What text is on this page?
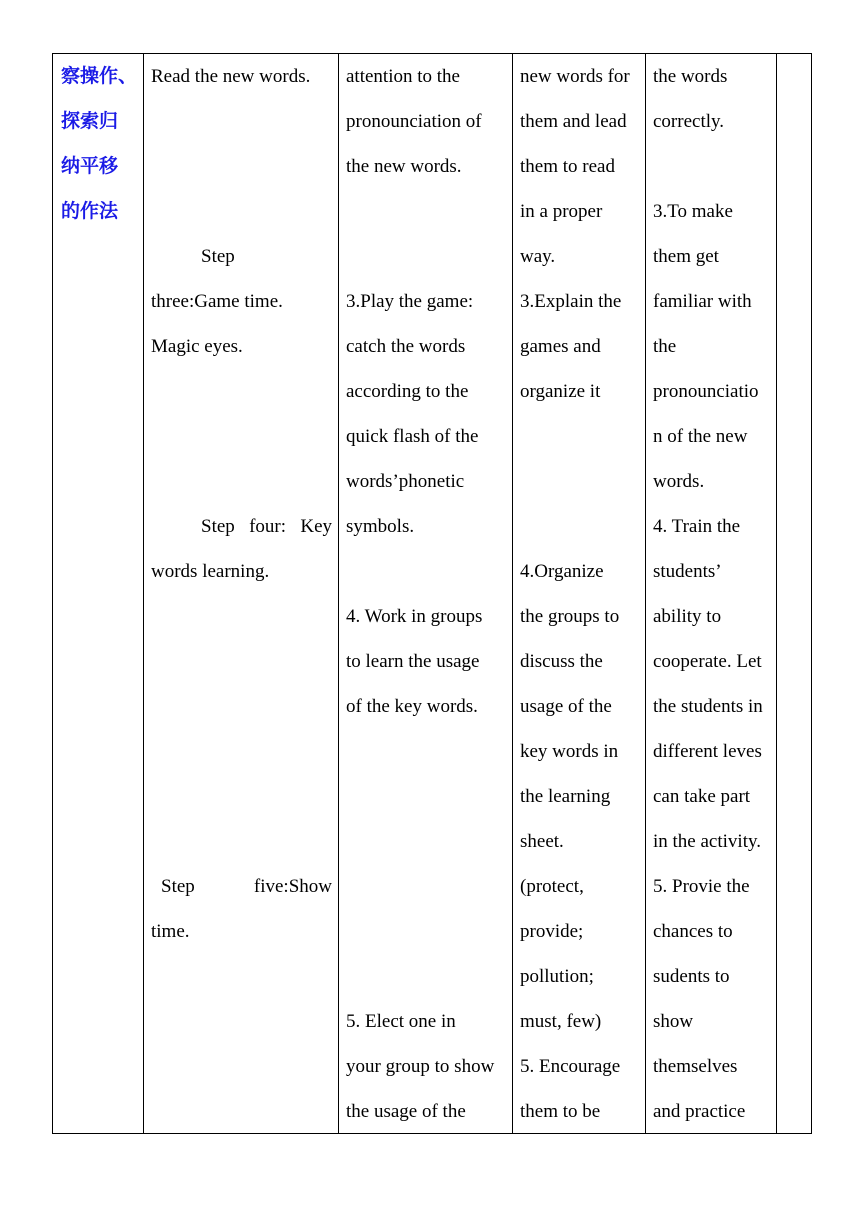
察操作、
探索归
纳平移
的作法
Read the new words.
Step
three:Game time.
Magic eyes.
Step four: Key
words learning.
Step	five:Show
time.
attention to the
pronounciation of
the new words.
3.Play the game:
catch the words
according to the
quick flash of the
words’phonetic
symbols.
4. Work in groups
to learn the usage
of the key words.
5. Elect one in
your group to show
the usage of the
new words for
them and lead
them to read
in a proper
way.
3.Explain the
games and
organize it
4.Organize
the groups to
discuss the
usage of the
key words in
the learning
sheet.
(protect,
provide;
pollution;
must, few)
5. Encourage
them to be
the words
correctly.
3.To make
them get
familiar with
the
pronounciatio
n of the new
words.
4. Train the
students’
ability to
cooperate. Let
the students in
different leves
can take part
in the activity.
5. Provie the
chances to
sudents to
show
themselves
and practice
